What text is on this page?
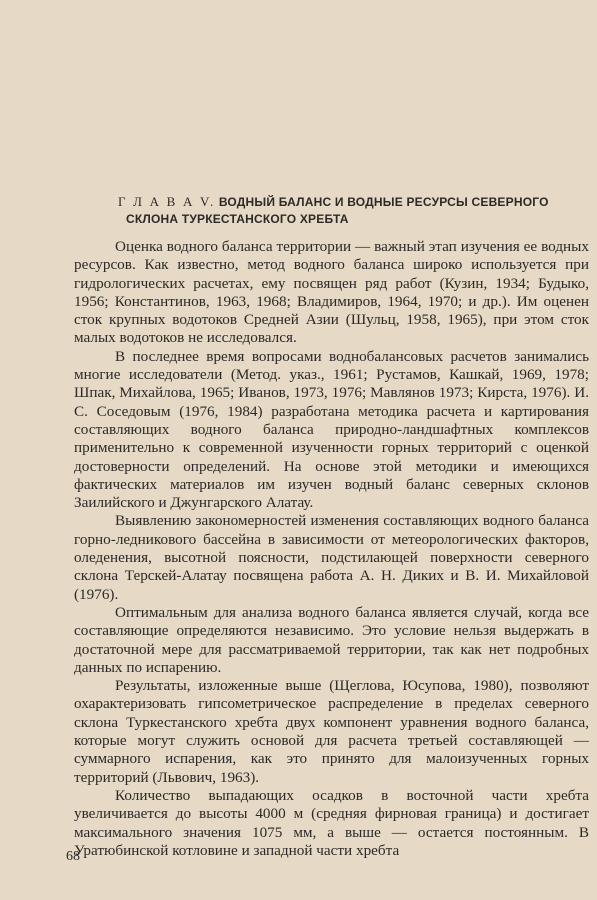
Г Л А В А V. ВОДНЫЙ БАЛАНС И ВОДНЫЕ РЕСУРСЫ СЕВЕРНОГО
СКЛОНА ТУРКЕСТАНСКОГО ХРЕБТА

Оценка водного баланса территории — важный этап изучения ее водных ресурсов. Как известно, метод водного баланса широко используется при гидрологических расчетах, ему посвящен ряд работ (Кузин, 1934; Будыко, 1956; Константинов, 1963, 1968; Владимиров, 1964, 1970; и др.). Им оценен сток крупных водотоков Средней Азии (Шульц, 1958, 1965), при этом сток малых водотоков не исследовался.

В последнее время вопросами воднобалансовых расчетов занимались многие исследователи (Метод. указ., 1961; Рустамов, Кашкай, 1969, 1978; Шпак, Михайлова, 1965; Иванов, 1973, 1976; Мавлянов 1973; Кирста, 1976). И. С. Соседовым (1976, 1984) разработана методика расчета и картирования составляющих водного баланса природно-ландшафтных комплексов применительно к современной изученности горных территорий с оценкой достоверности определений. На основе этой методики и имеющихся фактических материалов им изучен водный баланс северных склонов Заилийского и Джунгарского Алатау.

Выявлению закономерностей изменения составляющих водного баланса горно-ледникового бассейна в зависимости от метеорологических факторов, оледенения, высотной поясности, подстилающей поверхности северного склона Терскей-Алатау посвящена работа А. Н. Диких и В. И. Михайловой (1976).

Оптимальным для анализа водного баланса является случай, когда все составляющие определяются независимо. Это условие нельзя выдержать в достаточной мере для рассматриваемой территории, так как нет подробных данных по испарению.

Результаты, изложенные выше (Щеглова, Юсупова, 1980), позволяют охарактеризовать гипсометрическое распределение в пределах северного склона Туркестанского хребта двух компонент уравнения водного баланса, которые могут служить основой для расчета третьей составляющей — суммарного испарения, как это принято для малоизученных горных территорий (Львович, 1963).

Количество выпадающих осадков в восточной части хребта увеличивается до высоты 4000 м (средняя фирновая граница) и достигает максимального значения 1075 мм, а выше — остается постоянным. В Уратюбинской котловине и западной части хребта

68
